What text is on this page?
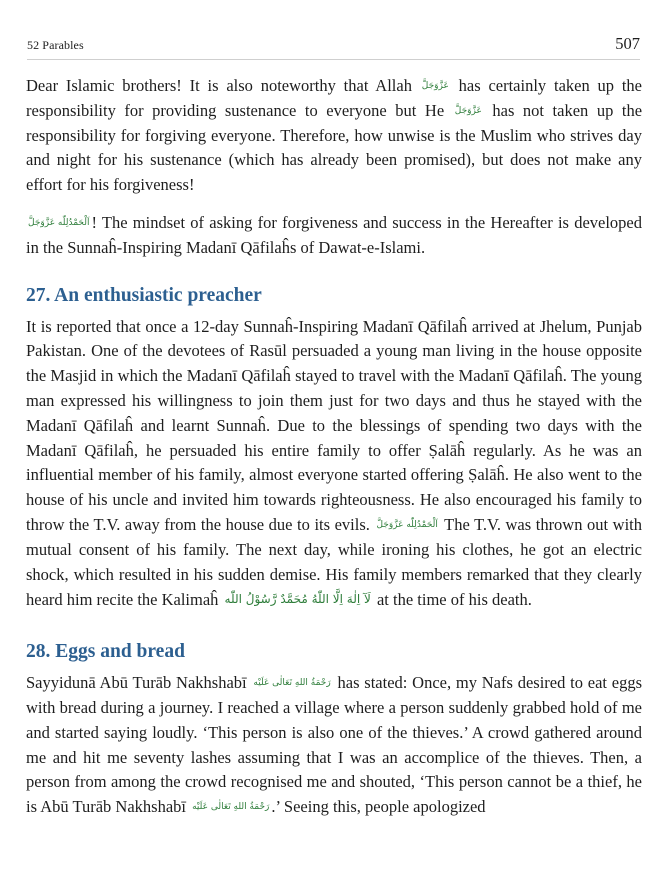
52 Parables	507

Dear Islamic brothers! It is also noteworthy that Allah عَزَّوَجَلَّ has certainly taken up the responsibility for providing sustenance to everyone but He عَزَّوَجَلَّ has not taken up the responsibility for forgiving everyone. Therefore, how unwise is the Muslim who strives day and night for his sustenance (which has already been promised), but does not make any effort for his forgiveness!

اَلْحَمْدُلِلّٰه عَزَّوَجَلَّ ! The mindset of asking for forgiveness and success in the Hereafter is developed in the Sunnaĥ-Inspiring Madanī Qāfilaĥs of Dawat-e-Islami.

27. An enthusiastic preacher

It is reported that once a 12-day Sunnaĥ-Inspiring Madanī Qāfilaĥ arrived at Jhelum, Punjab Pakistan. One of the devotees of Rasūl persuaded a young man living in the house opposite the Masjid in which the Madanī Qāfilaĥ stayed to travel with the Madanī Qāfilaĥ. The young man expressed his willingness to join them just for two days and thus he stayed with the Madanī Qāfilaĥ and learnt Sunnaĥ. Due to the blessings of spending two days with the Madanī Qāfilaĥ, he persuaded his entire family to offer Ṣalāĥ regularly. As he was an influential member of his family, almost everyone started offering Ṣalāĥ. He also went to the house of his uncle and invited him towards righteousness. He also encouraged his family to throw the T.V. away from the house due to its evils. اَلْحَمْدُلِلّٰه عَزَّوَجَلَّ The T.V. was thrown out with mutual consent of his family. The next day, while ironing his clothes, he got an electric shock, which resulted in his sudden demise. His family members remarked that they clearly heard him recite the Kalimaĥ لَآ اِلٰهَ اِلَّا اللّٰهُ مُحَمَّدٌ رَّسُوْلُ اللّٰه at the time of his death.

28. Eggs and bread

Sayyidunā Abū Turāb Nakhshabī رَحْمَةُ اللهِ تَعَالٰی عَلَیْه has stated: Once, my Nafs desired to eat eggs with bread during a journey. I reached a village where a person suddenly grabbed hold of me and started saying loudly. ‘This person is also one of the thieves.’ A crowd gathered around me and hit me seventy lashes assuming that I was an accomplice of the thieves. Then, a person from among the crowd recognised me and shouted, ‘This person cannot be a thief, he is Abū Turāb Nakhshabī رَحْمَةُ اللهِ تَعَالٰی عَلَیْه .’ Seeing this, people apologized
